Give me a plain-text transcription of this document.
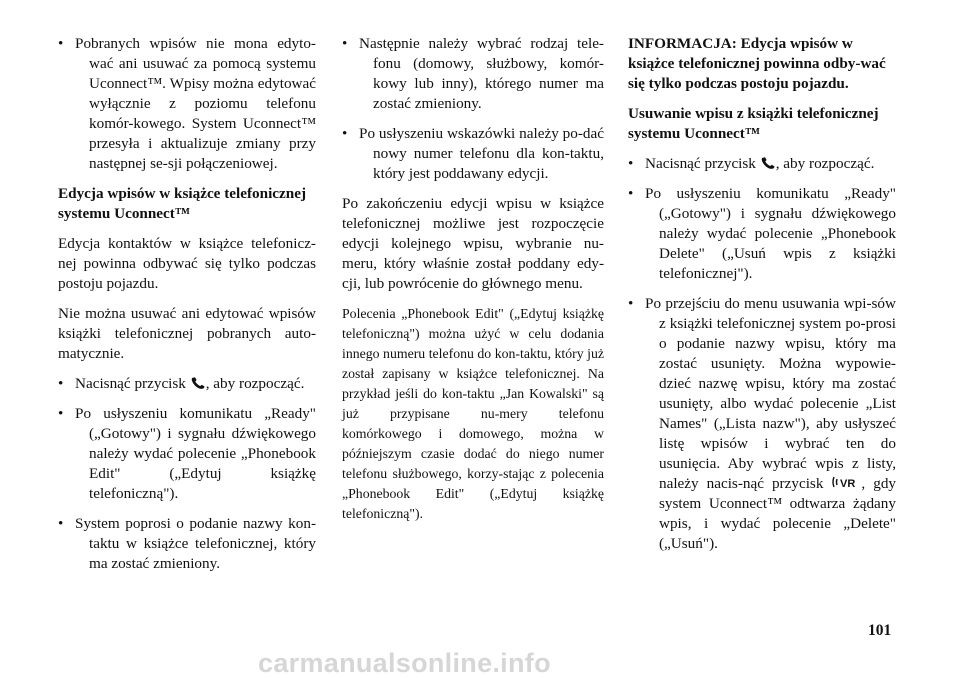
• Pobranych wpisów nie mona edyto-wać ani usuwać za pomocą systemu Uconnect™. Wpisy można edytować wyłącznie z poziomu telefonu komór-kowego. System Uconnect™ przesyła i aktualizuje zmiany przy następnej se-sji połączeniowej.

Edycja wpisów w książce telefonicznej systemu Uconnect™

Edycja kontaktów w książce telefonicz-nej powinna odbywać się tylko podczas postoju pojazdu.

Nie można usuwać ani edytować wpisów książki telefonicznej pobranych auto-matycznie.

• Nacisnąć przycisk , aby rozpocząć.
• Po usłyszeniu komunikatu „Ready" („Gotowy") i sygnału dźwiękowego należy wydać polecenie „Phonebook Edit" („Edytuj książkę telefoniczną").
• System poprosi o podanie nazwy kon-taktu w książce telefonicznej, który ma zostać zmieniony.
• Następnie należy wybrać rodzaj tele-fonu (domowy, służbowy, komór-kowy lub inny), którego numer ma zostać zmieniony.
• Po usłyszeniu wskazówki należy po-dać nowy numer telefonu dla kon-taktu, który jest poddawany edycji.

Po zakończeniu edycji wpisu w książce telefonicznej możliwe jest rozpoczęcie edycji kolejnego wpisu, wybranie nu-meru, który właśnie został poddany edy-cji, lub powrócenie do głównego menu.

Polecenia „Phonebook Edit" („Edytuj książkę telefoniczną") można użyć w celu dodania innego numeru telefonu do kon-taktu, który już został zapisany w książce telefonicznej. Na przykład jeśli do kon-taktu „Jan Kowalski" są już przypisane nu-mery telefonu komórkowego i domowego, można w późniejszym czasie dodać do niego numer telefonu służbowego, korzy-stając z polecenia „Phonebook Edit" („Edytuj książkę telefoniczną").

INFORMACJA: Edycja wpisów w książce telefonicznej powinna odby-wać się tylko podczas postoju pojazdu.

Usuwanie wpisu z książki telefonicznej systemu Uconnect™

• Nacisnąć przycisk , aby rozpocząć.
• Po usłyszeniu komunikatu „Ready" („Gotowy") i sygnału dźwiękowego należy wydać polecenie „Phonebook Delete" („Usuń wpis z książki telefonicznej").
• Po przejściu do menu usuwania wpi-sów z książki telefonicznej system po-prosi o podanie nazwy wpisu, który ma zostać usunięty. Można wypowie-dzieć nazwę wpisu, który ma zostać usunięty, albo wydać polecenie „List Names" („Lista nazw"), aby usłyszeć listę wpisów i wybrać ten do usunięcia. Aby wybrać wpis z listy, należy nacis-nąć przycisk VR , gdy system Uconnect™ odtwarza żądany wpis, i wydać polecenie „Delete" („Usuń").
101
carmanualsonline.info
